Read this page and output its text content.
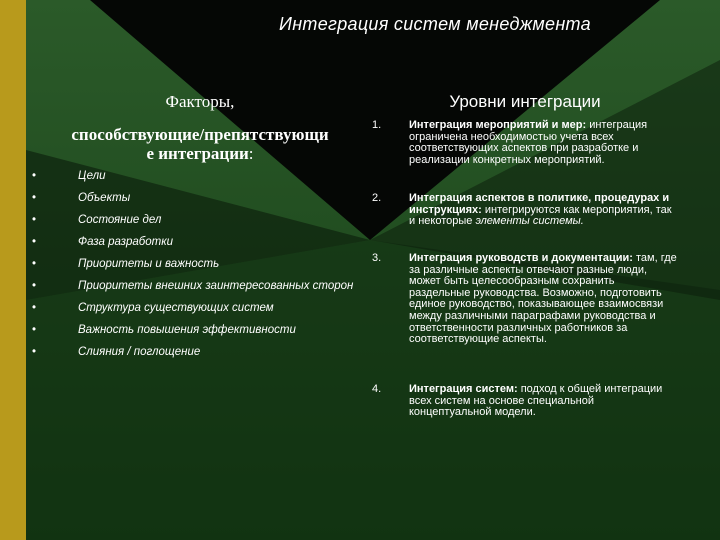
Интеграция систем менеджмента
Факторы,
способствующие/препятствующи
е интеграции:
•	Цели
•	Объекты
•	Состояние дел
•	Фаза разработки
•	Приоритеты и важность
•	Приоритеты внешних заинтересованных сторон
•	Структура существующих систем
•	Важность повышения эффективности
•	Слияния / поглощение
Уровни интеграции
1.	Интеграция мероприятий и мер: интеграция ограничена необходимостью учета всех соответствующих аспектов при разработке и реализации конкретных мероприятий.
2.	Интеграция аспектов в политике, процедурах и инструкциях: интегрируются как мероприятия, так и некоторые элементы системы.
3.	Интеграция руководств и документации: там, где за различные аспекты отвечают разные люди, может быть целесообразным сохранить раздельные руководства. Возможно, подготовить единое руководство, показывающее взаимосвязи между различными параграфами руководства и ответственности различных работников за соответствующие аспекты.
4.	Интеграция систем: подход к общей интеграции всех систем на основе специальной концептуальной модели.
